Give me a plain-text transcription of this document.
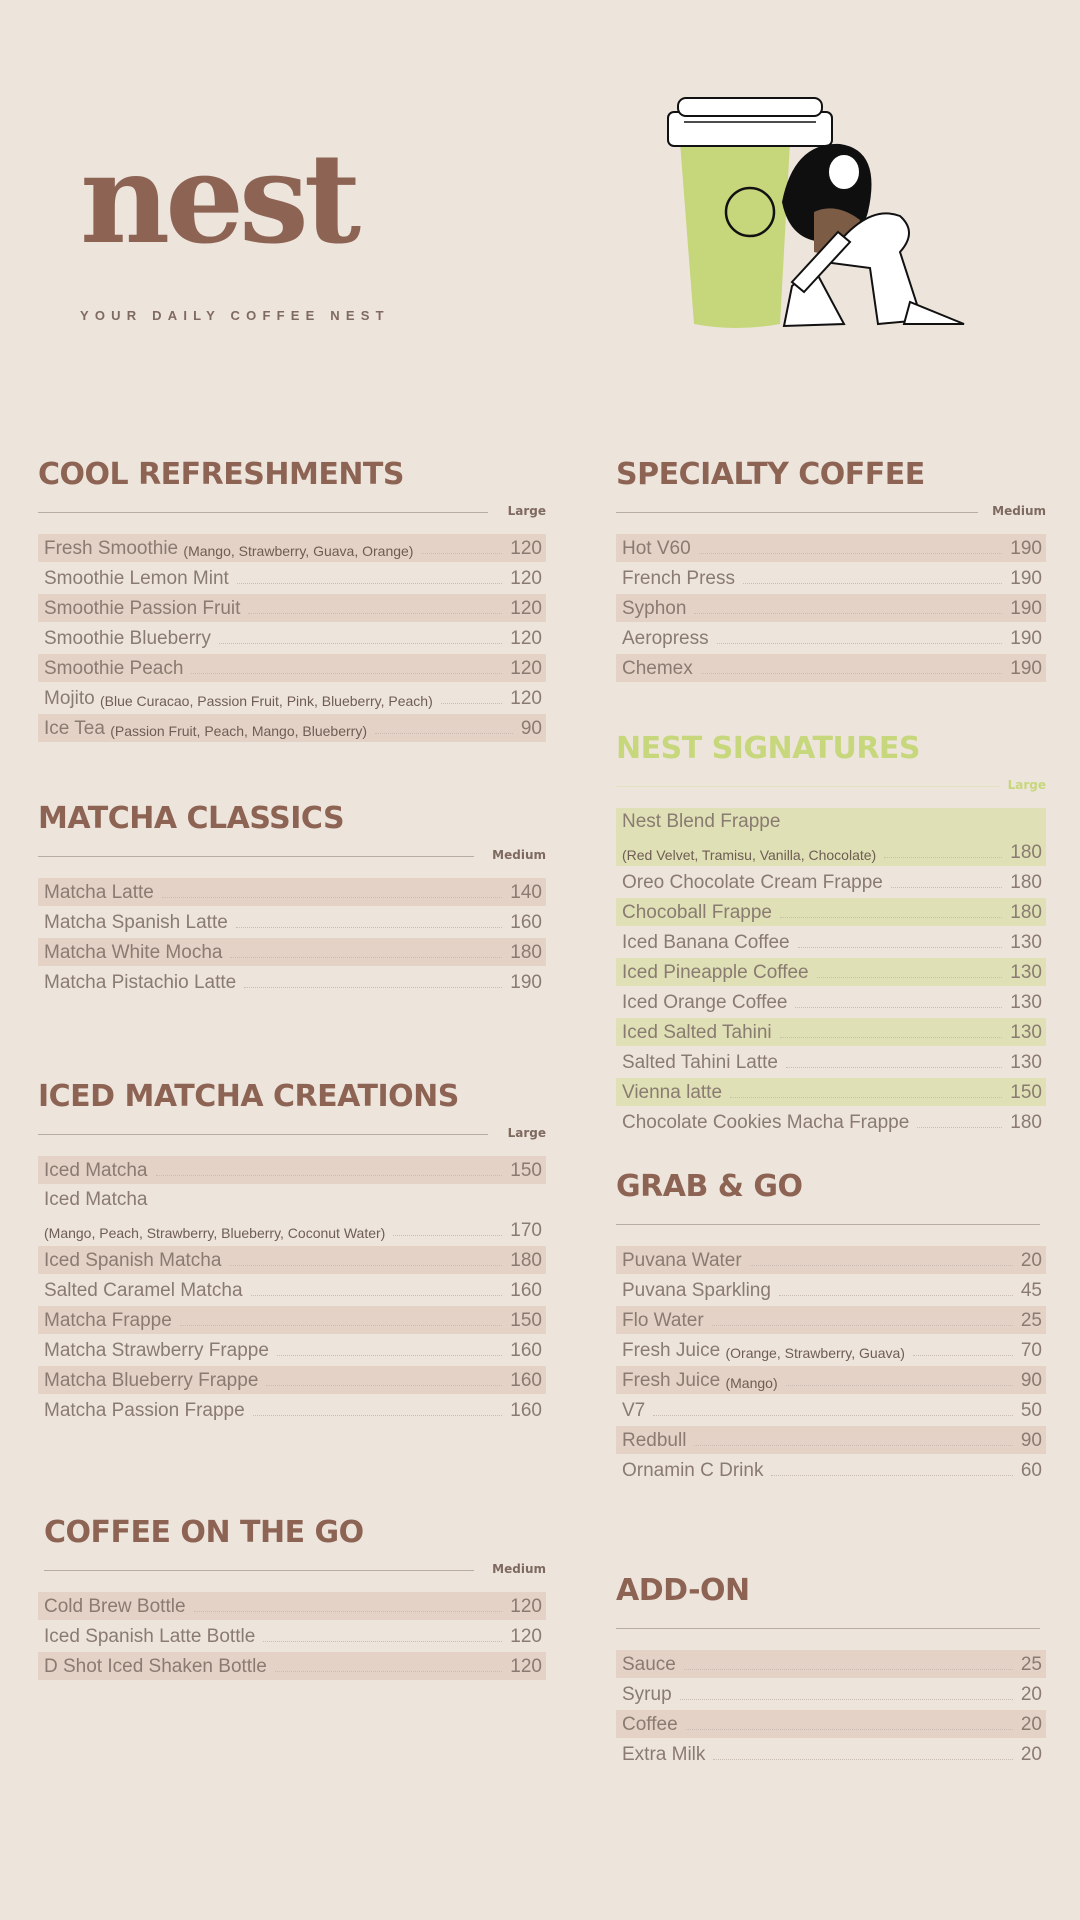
nest
YOUR DAILY COFFEE NEST
COOL REFRESHMENTS
Large
Fresh Smoothie
(Mango, Strawberry, Guava, Orange)	120
Smoothie Lemon Mint	120
Smoothie Passion Fruit	120
Smoothie Blueberry	120
Smoothie Peach	120
Mojito
(Blue Curacao, Passion Fruit, Pink, Blueberry, Peach)	120
Ice Tea
(Passion Fruit, Peach, Mango, Blueberry)	90
MATCHA CLASSICS
Medium
Matcha Latte	140
Matcha Spanish Latte	160
Matcha White Mocha	180
Matcha Pistachio Latte	190
ICED MATCHA CREATIONS
Large
Iced Matcha	150
Iced Matcha
(Mango, Peach, Strawberry, Blueberry, Coconut Water)	170
Iced Spanish Matcha	180
Salted Caramel Matcha	160
Matcha Frappe	150
Matcha Strawberry Frappe	160
Matcha Blueberry Frappe	160
Matcha Passion Frappe	160
COFFEE ON THE GO
Medium
Cold Brew Bottle	120
Iced Spanish Latte Bottle	120
D Shot Iced Shaken Bottle	120
SPECIALTY COFFEE
Medium
Hot V60	190
French Press	190
Syphon	190
Aeropress	190
Chemex	190
NEST SIGNATURES
Large
Nest Blend Frappe
(Red Velvet, Tramisu, Vanilla, Chocolate)	180
Oreo Chocolate Cream Frappe	180
Chocoball Frappe	180
Iced Banana Coffee	130
Iced Pineapple Coffee	130
Iced Orange Coffee	130
Iced Salted Tahini	130
Salted Tahini Latte	130
Vienna latte	150
Chocolate Cookies Macha Frappe	180
GRAB & GO
Puvana Water	20
Puvana Sparkling	45
Flo Water	25
Fresh Juice
(Orange, Strawberry, Guava)	70
Fresh Juice
(Mango)	90
V7	50
Redbull	90
Ornamin C Drink	60
ADD-ON
Sauce	25
Syrup	20
Coffee	20
Extra Milk	20
